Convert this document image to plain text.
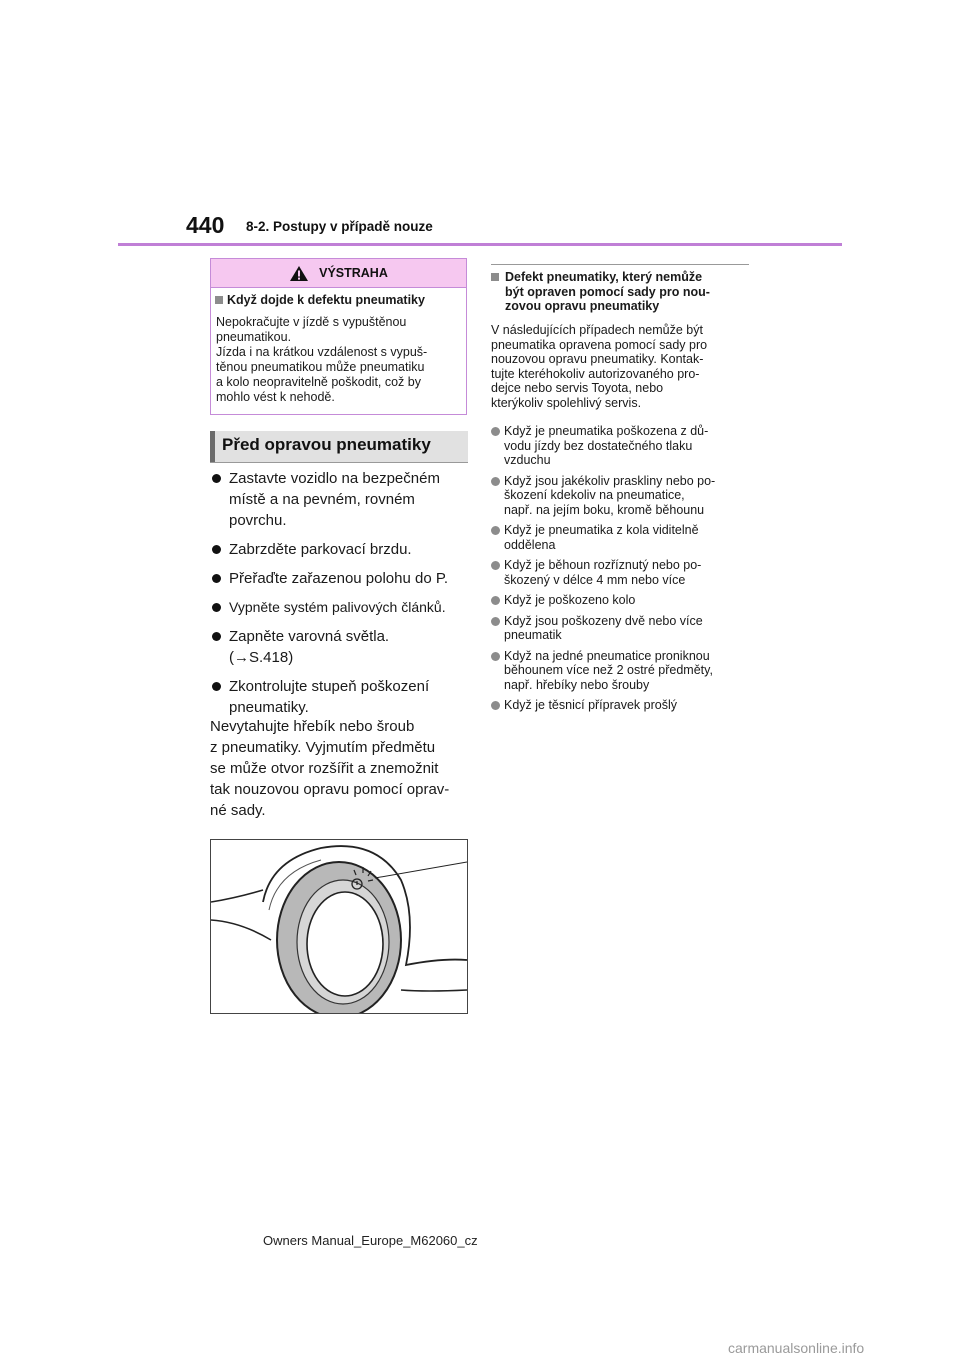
440 8-2. Postupy v případě nouze
VÝSTRAHA
Když dojde k defektu pneumatiky

Nepokračujte v jízdě s vypuštěnou

pneumatikou.

Jízda i na krátkou vzdálenost s vypuš-

těnou pneumatikou může pneumatiku

a kolo neopravitelně poškodit, což by

mohlo vést k nehodě.

Před opravou pneumatiky
Zastavte vozidlo na bezpečném
místě a na pevném, rovném
povrchu.
Zabrzděte parkovací brzdu.
Přeřaďte zařazenou polohu do P.
Vypněte systém palivových článků.
Zapněte varovná světla.
(→S.418)
Zkontrolujte stupeň poškození
pneumatiky.
Nevytahujte hřebík nebo šroub
z pneumatiky. Vyjmutím předmětu
se může otvor rozšířit a znemožnit
tak nouzovou opravu pomocí oprav-
né sady.
Defekt pneumatiky, který nemůže
být opraven pomocí sady pro nou-
zovou opravu pneumatiky
V následujících případech nemůže být
pneumatika opravena pomocí sady pro
nouzovou opravu pneumatiky. Kontak-
tujte kteréhokoliv autorizovaného pro-
dejce nebo servis Toyota, nebo
kterýkoliv spolehlivý servis.
Když je pneumatika poškozena z dů-
vodu jízdy bez dostatečného tlaku
vzduchu
Když jsou jakékoliv praskliny nebo po-
škození kdekoliv na pneumatice,
např. na jejím boku, kromě běhounu
Když je pneumatika z kola viditelně
oddělena
Když je běhoun rozříznutý nebo po-
škozený v délce 4 mm nebo více
Když je poškozeno kolo
Když jsou poškozeny dvě nebo více
pneumatik
Když na jedné pneumatice proniknou
běhounem více než 2 ostré předměty,
např. hřebíky nebo šrouby
Když je těsnicí přípravek prošlý
Owners Manual_Europe_M62060_cz
carmanualsonline.info
